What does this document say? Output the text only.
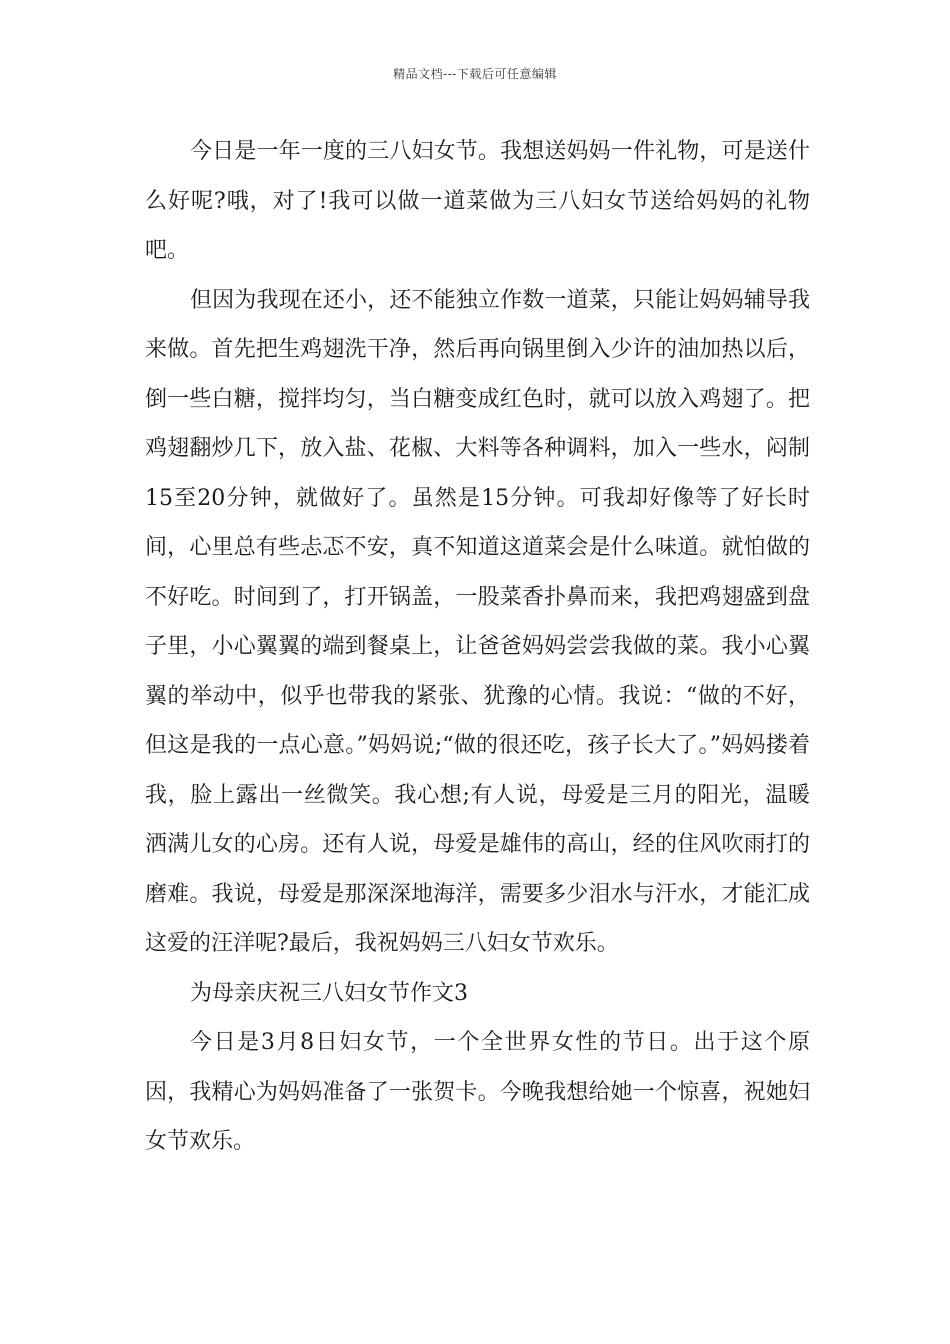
精品文档---下载后可任意编辑

今日是一年一度的三八妇女节。我想送妈妈一件礼物，可是送什么好呢?哦，对了!我可以做一道菜做为三八妇女节送给妈妈的礼物吧。

但因为我现在还小，还不能独立作数一道菜，只能让妈妈辅导我来做。首先把生鸡翅洗干净，然后再向锅里倒入少许的油加热以后，倒一些白糖，搅拌均匀，当白糖变成红色时，就可以放入鸡翅了。把鸡翅翻炒几下，放入盐、花椒、大料等各种调料，加入一些水，闷制15至20分钟，就做好了。虽然是15分钟。可我却好像等了好长时间，心里总有些忐忑不安，真不知道这道菜会是什么味道。就怕做的不好吃。时间到了，打开锅盖，一股菜香扑鼻而来，我把鸡翅盛到盘子里，小心翼翼的端到餐桌上，让爸爸妈妈尝尝我做的菜。我小心翼翼的举动中，似乎也带我的紧张、犹豫的心情。我说：“做的不好，但这是我的一点心意。”妈妈说;“做的很还吃，孩子长大了。”妈妈搂着我，脸上露出一丝微笑。我心想;有人说，母爱是三月的阳光，温暖洒满儿女的心房。还有人说，母爱是雄伟的高山，经的住风吹雨打的磨难。我说，母爱是那深深地海洋，需要多少泪水与汗水，才能汇成这爱的汪洋呢?最后，我祝妈妈三八妇女节欢乐。

为母亲庆祝三八妇女节作文3

今日是3月8日妇女节，一个全世界女性的节日。出于这个原因，我精心为妈妈准备了一张贺卡。今晚我想给她一个惊喜，祝她妇女节欢乐。
